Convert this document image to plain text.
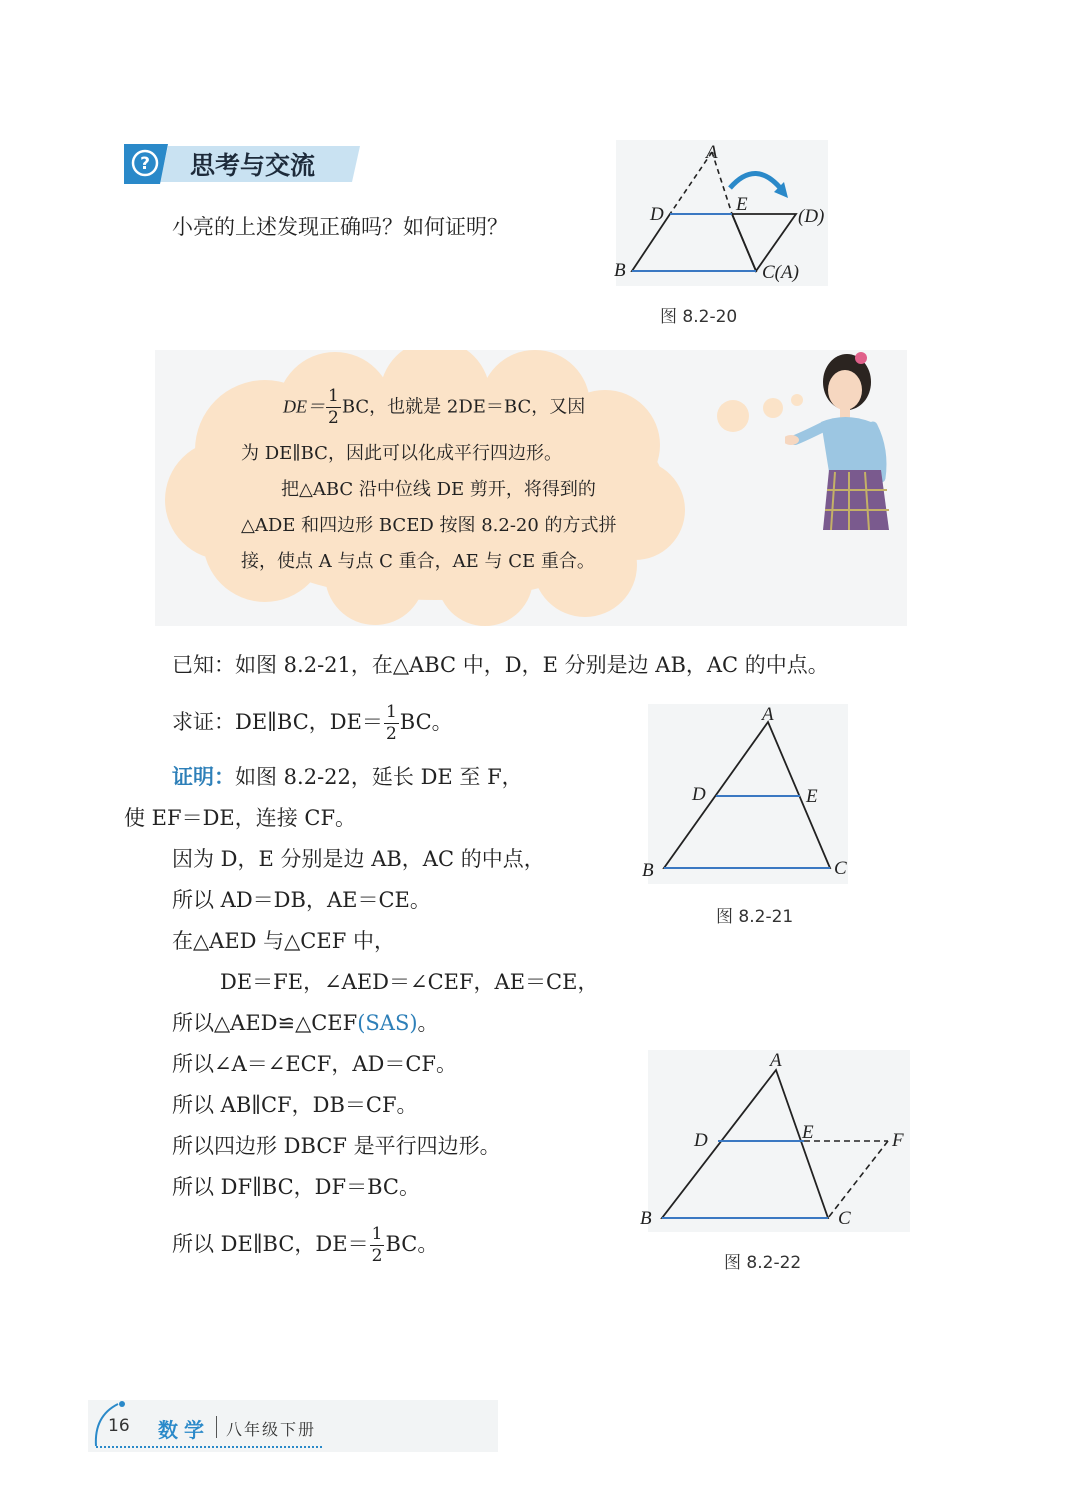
? 思考与交流
小亮的上述发现正确吗？如何证明？
A
D	E
(D)
B	C(A)
图 8.2-20
$DE= \frac{1}{2}$ BC，也就是 2DE＝BC，又因
为 DE∥BC，因此可以化成平行四边形。
把△ABC 沿中位线 DE 剪开，将得到的
△ADE 和四边形 BCED 按图 8.2-20 的方式拼
接，使点 A 与点 C 重合，AE 与 CE 重合。
已知：如图 8.2-21，在△ABC 中，D，E 分别是边 AB，AC 的中点。
求证：DE∥BC，$DE= \frac{1}{2}$ BC。
证明：如图 8.2-22，延长 DE 至 F，
使 EF＝DE，连接 CF。
因为 D，E 分别是边 AB，AC 的中点，
所以 AD＝DB，AE＝CE。
在△AED 与△CEF 中，
DE＝FE，∠AED＝∠CEF，AE＝CE，
所以△AED≌△CEF(SAS)。
所以∠A＝∠ECF，AD＝CF。
所以 AB∥CF，DB＝CF。
所以四边形 DBCF 是平行四边形。
所以 DF∥BC，DF＝BC。
所以 DE∥BC，$DE= \frac{1}{2}$ BC。
A
D	E
B	C
图 8.2-21
A
D	E	F
B	C
图 8.2-22
16 数学 八年级下册
